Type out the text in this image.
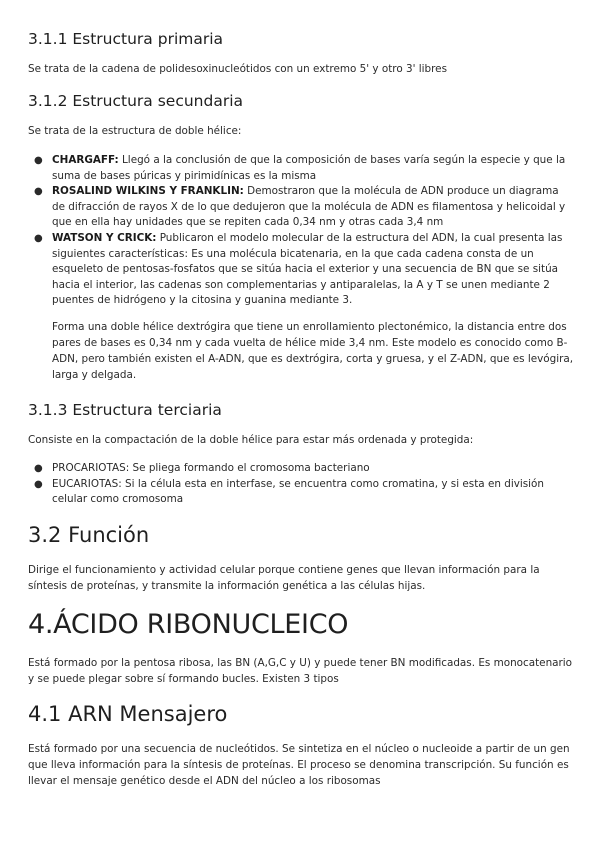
3.1.1 Estructura primaria

Se trata de la cadena de polidesoxinucleótidos con un extremo 5' y otro 3' libres

3.1.2 Estructura secundaria

Se trata de la estructura de doble hélice:

● CHARGAFF: Llegó a la conclusión de que la composición de bases varía según la especie y que la suma de bases púricas y pirimidínicas es la misma
● ROSALIND WILKINS Y FRANKLIN: Demostraron que la molécula de ADN produce un diagrama de difracción de rayos X de lo que dedujeron que la molécula de ADN es filamentosa y helicoidal y que en ella hay unidades que se repiten cada 0,34 nm y otras cada 3,4 nm
● WATSON Y CRICK: Publicaron el modelo molecular de la estructura del ADN, la cual presenta las siguientes características: Es una molécula bicatenaria, en la que cada cadena consta de un esqueleto de pentosas-fosfatos que se sitúa hacia el exterior y una secuencia de BN que se sitúa hacia el interior, las cadenas son complementarias y antiparalelas, la A y T se unen mediante 2 puentes de hidrógeno y la citosina y guanina mediante 3.

Forma una doble hélice dextrógira que tiene un enrollamiento plectonémico, la distancia entre dos pares de bases es 0,34 nm y cada vuelta de hélice mide 3,4 nm. Este modelo es conocido como B-ADN, pero también existen el A-ADN, que es dextrógira, corta y gruesa, y el Z-ADN, que es levógira, larga y delgada.

3.1.3 Estructura terciaria

Consiste en la compactación de la doble hélice para estar más ordenada y protegida:

● PROCARIOTAS: Se pliega formando el cromosoma bacteriano
● EUCARIOTAS: Si la célula esta en interfase, se encuentra como cromatina, y si esta en división celular como cromosoma
3.2 Función

Dirige el funcionamiento y actividad celular porque contiene genes que llevan información para la síntesis de proteínas, y transmite la información genética a las células hijas.

4.ÁCIDO RIBONUCLEICO

Está formado por la pentosa ribosa, las BN (A,G,C y U) y puede tener BN modificadas. Es monocatenario y se puede plegar sobre sí formando bucles. Existen 3 tipos

4.1 ARN Mensajero

Está formado por una secuencia de nucleótidos. Se sintetiza en el núcleo o nucleoide a partir de un gen que lleva información para la síntesis de proteínas. El proceso se denomina transcripción. Su función es llevar el mensaje genético desde el ADN del núcleo a los ribosomas
